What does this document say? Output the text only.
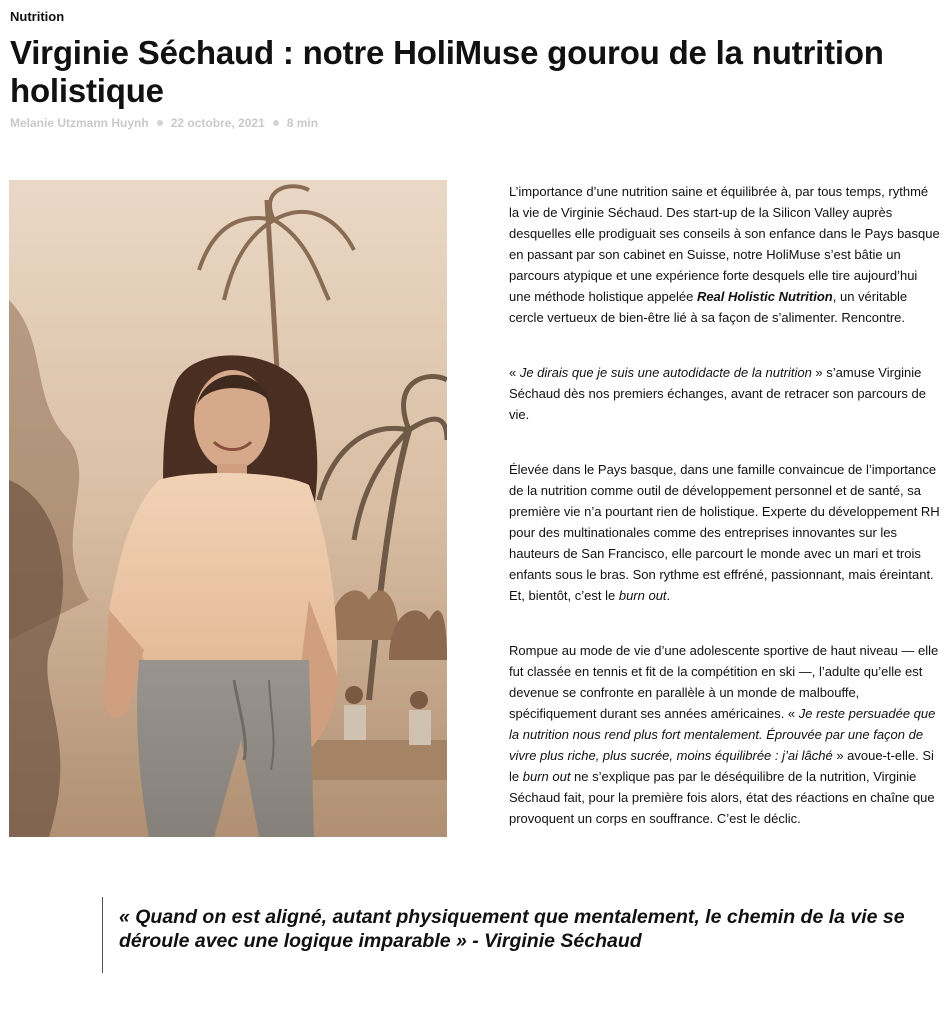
Nutrition
Virginie Séchaud : notre HoliMuse gourou de la nutrition holistique
Melanie Utzmann Huynh 22 octobre, 2021 8 min

L’importance d’une nutrition saine et équilibrée à, par tous temps, rythmé la vie de Virginie Séchaud. Des start-up de la Silicon Valley auprès desquelles elle prodiguait ses conseils à son enfance dans le Pays basque en passant par son cabinet en Suisse, notre HoliMuse s’est bâtie un parcours atypique et une expérience forte desquels elle tire aujourd’hui une méthode holistique appelée Real Holistic Nutrition, un véritable cercle vertueux de bien-être lié à sa façon de s’alimenter. Rencontre.

« Je dirais que je suis une autodidacte de la nutrition » s’amuse Virginie Séchaud dès nos premiers échanges, avant de retracer son parcours de vie.

Élevée dans le Pays basque, dans une famille convaincue de l’importance de la nutrition comme outil de développement personnel et de santé, sa première vie n’a pourtant rien de holistique. Experte du développement RH pour des multinationales comme des entreprises innovantes sur les hauteurs de San Francisco, elle parcourt le monde avec un mari et trois enfants sous le bras. Son rythme est effréné, passionnant, mais éreintant. Et, bientôt, c’est le burn out.

Rompue au mode de vie d’une adolescente sportive de haut niveau — elle fut classée en tennis et fit de la compétition en ski —, l’adulte qu’elle est devenue se confronte en parallèle à un monde de malbouffe, spécifiquement durant ses années américaines. « Je reste persuadée que la nutrition nous rend plus fort mentalement. Éprouvée par une façon de vivre plus riche, plus sucrée, moins équilibrée : j’ai lâché » avoue-t-elle. Si le burn out ne s’explique pas par le déséquilibre de la nutrition, Virginie Séchaud fait, pour la première fois alors, état des réactions en chaîne que provoquent un corps en souffrance. C’est le déclic.

« Quand on est aligné, autant physiquement que mentalement, le chemin de la vie se déroule avec une logique imparable » - Virginie Séchaud
